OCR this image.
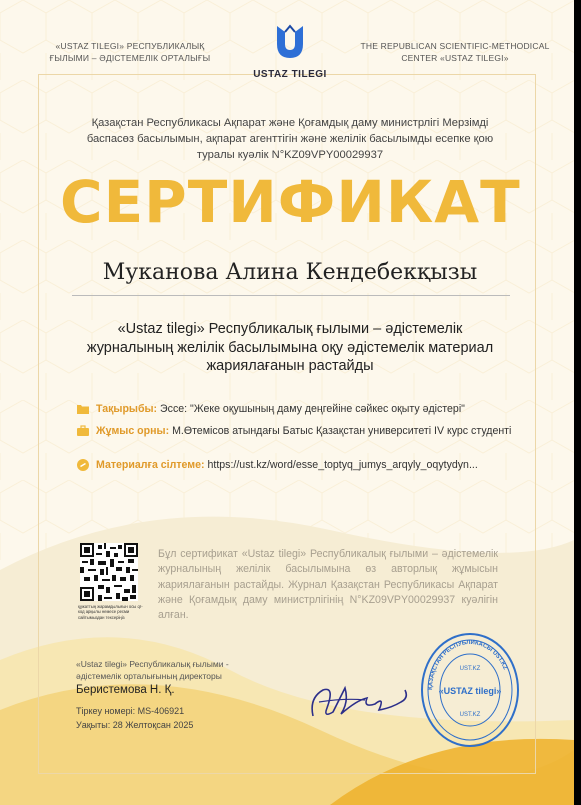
«USTAZ TILEGI» РЕСПУБЛИКАЛЫҚ ҒЫЛЫМИ – ӘДІСТЕМЕЛІК ОРТАЛЫҒЫ
USTAZ TILEGI
THE REPUBLICAN SCIENTIFIC-METHODICAL CENTER «USTAZ TILEGI»
Қазақстан Республикасы Ақпарат және Қоғамдық даму министрлігі Мерзімді баспасөз басылымын, ақпарат агенттігін және желілік басылымды есепке қою туралы куәлік N°KZ09VPY00029937
СЕРТИФИКАТ
Муканова Алина Кендебекқызы
«Ustaz tilegi» Республикалық ғылыми – әдістемелік журналының желілік басылымына оқу әдістемелік материал жариялағанын растайды
Тақырыбы: Эссе: "Жеке оқушының даму деңгейіне сәйкес оқыту әдістері"
Жұмыс орны: М.Өтемісов атындағы Батыс Қазақстан университеті IV курс студенті
Материалға сілтеме: https://ust.kz/word/esse_toptyq_jumys_arqyly_oqytydyn...
құжаттың жарамдылығын осы qr-код арқылы немесе ресми сайтымыздан тексеріңіз
Бұл сертификат «Ustaz tilegi» Республикалық ғылыми – әдістемелік журналының желілік басылымына өз авторлық жұмысын жариялағанын растайды. Журнал Қазақстан Республикасы Ақпарат және Қоғамдық даму министрлігінің N°KZ09VPY00029937 куәлігін алған.
«Ustaz tilegi» Республикалық ғылыми - әдістемелік орталығының директоры
Беристемова Н. Қ.
Тіркеу номері: MS-406921
Уақыты: 28 Желтоқсан 2025
ҚАЗАҚСТАН РЕСПУБЛИКАСЫ UST.KZ
UST.KZ
«USTAZ tilegi»
UST.KZ
